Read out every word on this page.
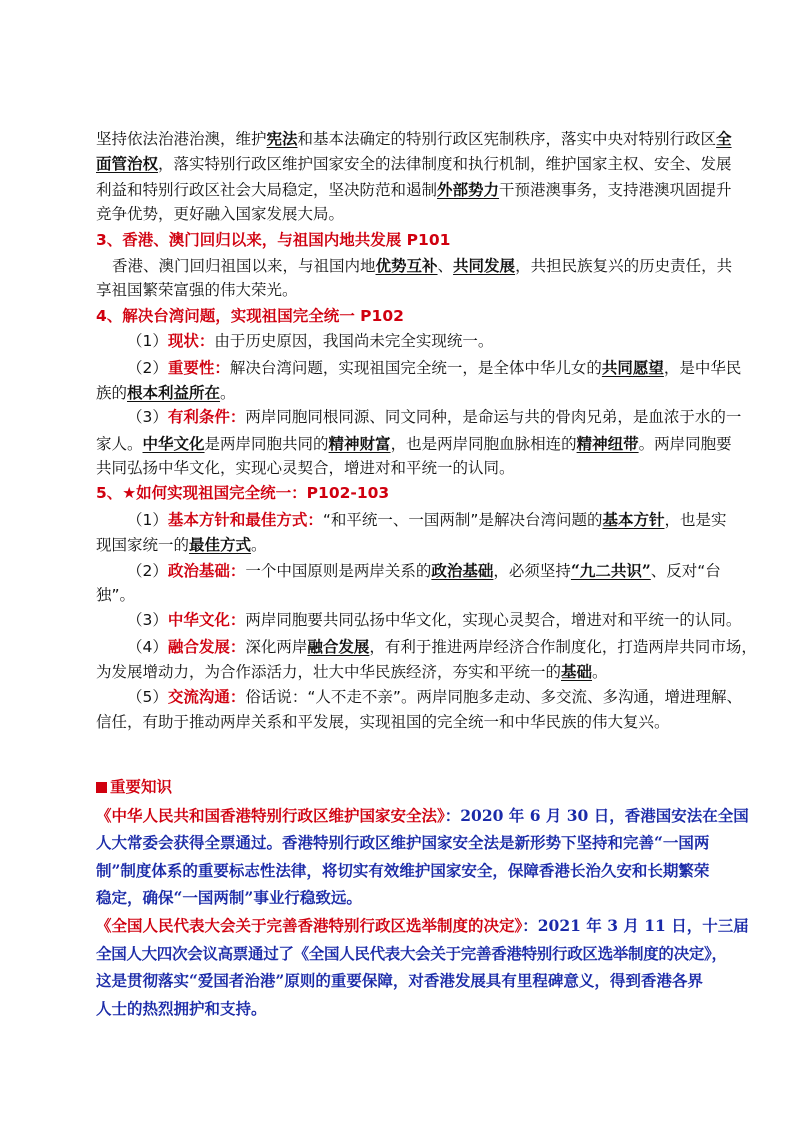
坚持依法治港治澳，维护宪法和基本法确定的特别行政区宪制秩序，落实中央对特别行政区全
面管治权，落实特别行政区维护国家安全的法律制度和执行机制，维护国家主权、安全、发展
利益和特别行政区社会大局稳定，坚决防范和遏制外部势力干预港澳事务，支持港澳巩固提升
竞争优势，更好融入国家发展大局。
3、香港、澳门回归以来，与祖国内地共发展 P101
香港、澳门回归祖国以来，与祖国内地优势互补、共同发展，共担民族复兴的历史责任，共
享祖国繁荣富强的伟大荣光。
4、解决台湾问题，实现祖国完全统一 P102
（1）现状：由于历史原因，我国尚未完全实现统一。
（2）重要性：解决台湾问题，实现祖国完全统一，是全体中华儿女的共同愿望，是中华民
族的根本利益所在。
（3）有利条件：两岸同胞同根同源、同文同种，是命运与共的骨肉兄弟，是血浓于水的一
家人。中华文化是两岸同胞共同的精神财富，也是两岸同胞血脉相连的精神纽带。两岸同胞要
共同弘扬中华文化，实现心灵契合，增进对和平统一的认同。
5、★如何实现祖国完全统一：P102-103
（1）基本方针和最佳方式：“和平统一、一国两制”是解决台湾问题的基本方针，也是实
现国家统一的最佳方式。
（2）政治基础：一个中国原则是两岸关系的政治基础，必须坚持“九二共识”、反对“台
独”。
（3）中华文化：两岸同胞要共同弘扬中华文化，实现心灵契合，增进对和平统一的认同。
（4）融合发展：深化两岸融合发展，有利于推进两岸经济合作制度化，打造两岸共同市场，
为发展增动力，为合作添活力，壮大中华民族经济，夯实和平统一的基础。
（5）交流沟通：俗话说：“人不走不亲”。两岸同胞多走动、多交流、多沟通，增进理解、
信任，有助于推动两岸关系和平发展，实现祖国的完全统一和中华民族的伟大复兴。
重要知识
《中华人民共和国香港特别行政区维护国家安全法》：2020 年 6 月 30 日，香港国安法在全国
人大常委会获得全票通过。香港特别行政区维护国家安全法是新形势下坚持和完善“一国两
制”制度体系的重要标志性法律，将切实有效维护国家安全，保障香港长治久安和长期繁荣
稳定，确保“一国两制”事业行稳致远。
《全国人民代表大会关于完善香港特别行政区选举制度的决定》：2021 年 3 月 11 日，十三届
全国人大四次会议高票通过了《全国人民代表大会关于完善香港特别行政区选举制度的决定》，
这是贯彻落实“爱国者治港”原则的重要保障，对香港发展具有里程碑意义，得到香港各界
人士的热烈拥护和支持。
